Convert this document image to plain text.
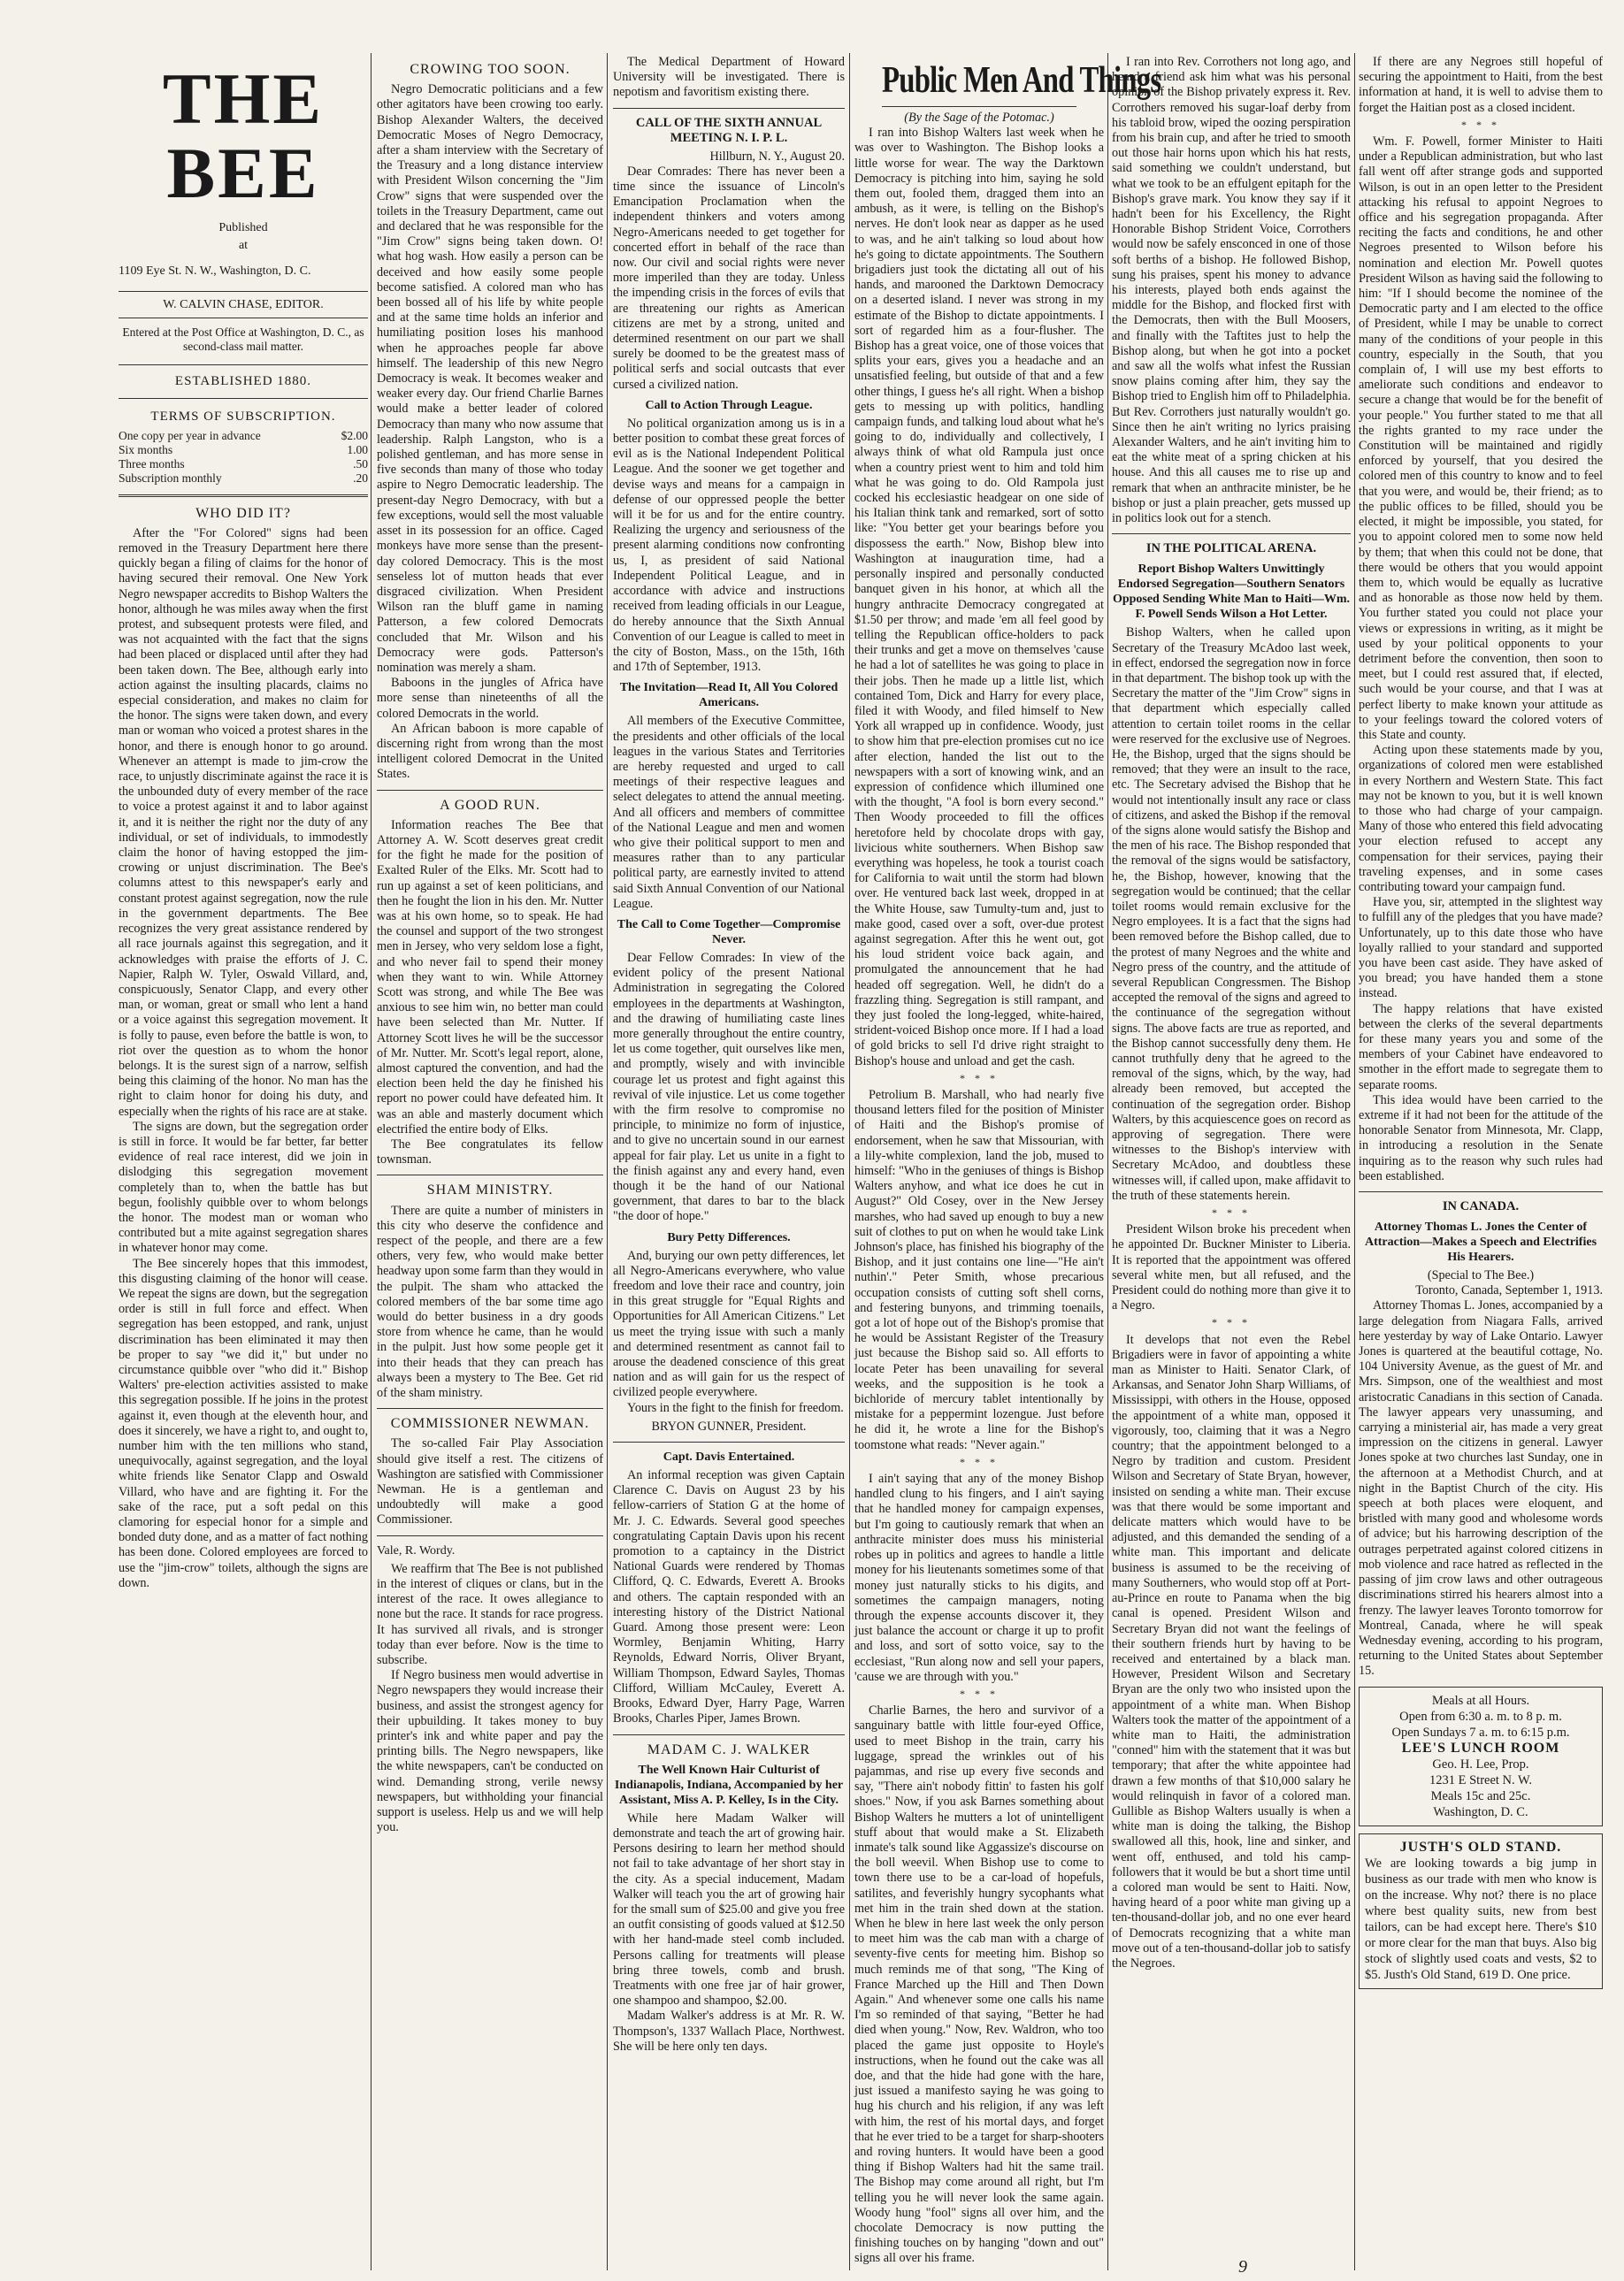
THE BEE
Published
at
1109 Eye St. N. W., Washington, D. C.
W. CALVIN CHASE, EDITOR.
Entered at the Post Office at Washington, D. C., as second-class mail matter.
ESTABLISHED 1880.
TERMS OF SUBSCRIPTION.
One copy per year in advance	$2.00
Six months	1.00
Three months	.50
Subscription monthly	.20
WHO DID IT?

After the "For Colored" signs had been removed in the Treasury Department here there quickly began a filing of claims for the honor of having secured their removal. One New York Negro newspaper accredits to Bishop Walters the honor, although he was miles away when the first protest, and subsequent protests were filed, and was not acquainted with the fact that the signs had been placed or displaced until after they had been taken down. The Bee, although early into action against the insulting placards, claims no especial consideration, and makes no claim for the honor. The signs were taken down, and every man or woman who voiced a protest shares in the honor, and there is enough honor to go around. Whenever an attempt is made to jim-crow the race, to unjustly discriminate against the race it is the unbounded duty of every member of the race to voice a protest against it and to labor against it, and it is neither the right nor the duty of any individual, or set of individuals, to immodestly claim the honor of having estopped the jim-crowing or unjust discrimination. The Bee's columns attest to this newspaper's early and constant protest against segregation, now the rule in the government departments. The Bee recognizes the very great assistance rendered by all race journals against this segregation, and it acknowledges with praise the efforts of J. C. Napier, Ralph W. Tyler, Oswald Villard, and, conspicuously, Senator Clapp, and every other man, or woman, great or small who lent a hand or a voice against this segregation movement. It is folly to pause, even before the battle is won, to riot over the question as to whom the honor belongs. It is the surest sign of a narrow, selfish being this claiming of the honor. No man has the right to claim honor for doing his duty, and especially when the rights of his race are at stake.

The signs are down, but the segregation order is still in force. It would be far better, far better evidence of real race interest, did we join in dislodging this segregation movement completely than to, when the battle has but begun, foolishly quibble over to whom belongs the honor. The modest man or woman who contributed but a mite against segregation shares in whatever honor may come.

The Bee sincerely hopes that this immodest, this disgusting claiming of the honor will cease. We repeat the signs are down, but the segregation order is still in full force and effect. When segregation has been estopped, and rank, unjust discrimination has been eliminated it may then be proper to say "we did it," but under no circumstance quibble over "who did it." Bishop Walters' pre-election activities assisted to make this segregation possible. If he joins in the protest against it, even though at the eleventh hour, and does it sincerely, we have a right to, and ought to, number him with the ten millions who stand, unequivocally, against segregation, and the loyal white friends like Senator Clapp and Oswald Villard, who have and are fighting it. For the sake of the race, put a soft pedal on this clamoring for especial honor for a simple and bonded duty done, and as a matter of fact nothing has been done. Colored employees are forced to use the "jim-crow" toilets, although the signs are down.

CROWING TOO SOON.

Negro Democratic politicians and a few other agitators have been crowing too early. Bishop Alexander Walters, the deceived Democratic Moses of Negro Democracy, after a sham interview with the Secretary of the Treasury and a long distance interview with President Wilson concerning the "Jim Crow" signs that were suspended over the toilets in the Treasury Department, came out and declared that he was responsible for the "Jim Crow" signs being taken down. O! what hog wash. How easily a person can be deceived and how easily some people become satisfied. A colored man who has been bossed all of his life by white people and at the same time holds an inferior and humiliating position loses his manhood when he approaches people far above himself. The leadership of this new Negro Democracy is weak. It becomes weaker and weaker every day. Our friend Charlie Barnes would make a better leader of colored Democracy than many who now assume that leadership. Ralph Langston, who is a polished gentleman, and has more sense in five seconds than many of those who today aspire to Negro Democratic leadership. The present-day Negro Democracy, with but a few exceptions, would sell the most valuable asset in its possession for an office. Caged monkeys have more sense than the present-day colored Democracy. This is the most senseless lot of mutton heads that ever disgraced civilization. When President Wilson ran the bluff game in naming Patterson, a few colored Democrats concluded that Mr. Wilson and his Democracy were gods. Patterson's nomination was merely a sham.

Baboons in the jungles of Africa have more sense than nineteenths of all the colored Democrats in the world.

An African baboon is more capable of discerning right from wrong than the most intelligent colored Democrat in the United States.

A GOOD RUN.

Information reaches The Bee that Attorney A. W. Scott deserves great credit for the fight he made for the position of Exalted Ruler of the Elks. Mr. Scott had to run up against a set of keen politicians, and then he fought the lion in his den. Mr. Nutter was at his own home, so to speak. He had the counsel and support of the two strongest men in Jersey, who very seldom lose a fight, and who never fail to spend their money when they want to win. While Attorney Scott was strong, and while The Bee was anxious to see him win, no better man could have been selected than Mr. Nutter. If Attorney Scott lives he will be the successor of Mr. Nutter. Mr. Scott's legal report, alone, almost captured the convention, and had the election been held the day he finished his report no power could have defeated him. It was an able and masterly document which electrified the entire body of Elks.

The Bee congratulates its fellow townsman.

SHAM MINISTRY.

There are quite a number of ministers in this city who deserve the confidence and respect of the people, and there are a few others, very few, who would make better headway upon some farm than they would in the pulpit. The sham who attacked the colored members of the bar some time ago would do better business in a dry goods store from whence he came, than he would in the pulpit. Just how some people get it into their heads that they can preach has always been a mystery to The Bee. Get rid of the sham ministry.

COMMISSIONER NEWMAN.

The so-called Fair Play Association should give itself a rest. The citizens of Washington are satisfied with Commissioner Newman. He is a gentleman and undoubtedly will make a good Commissioner.

Vale, R. Wordy.

We reaffirm that The Bee is not published in the interest of cliques or clans, but in the interest of the race. It owes allegiance to none but the race. It stands for race progress. It has survived all rivals, and is stronger today than ever before. Now is the time to subscribe.

If Negro business men would advertise in Negro newspapers they would increase their business, and assist the strongest agency for their upbuilding. It takes money to buy printer's ink and white paper and pay the printing bills. The Negro newspapers, like the white newspapers, can't be conducted on wind. Demanding strong, verile newsy newspapers, but withholding your financial support is useless. Help us and we will help you.

The Medical Department of Howard University will be investigated. There is nepotism and favoritism existing there.

CALL OF THE SIXTH ANNUAL MEETING N. I. P. L.

Hillburn, N. Y., August 20.

Dear Comrades: There has never been a time since the issuance of Lincoln's Emancipation Proclamation when the independent thinkers and voters among Negro-Americans needed to get together for concerted effort in behalf of the race than now. Our civil and social rights were never more imperiled than they are today. Unless the impending crisis in the forces of evils that are threatening our rights as American citizens are met by a strong, united and determined resentment on our part we shall surely be doomed to be the greatest mass of political serfs and social outcasts that ever cursed a civilized nation.

Call to Action Through League.

No political organization among us is in a better position to combat these great forces of evil as is the National Independent Political League. And the sooner we get together and devise ways and means for a campaign in defense of our oppressed people the better will it be for us and for the entire country. Realizing the urgency and seriousness of the present alarming conditions now confronting us, I, as president of said National Independent Political League, and in accordance with advice and instructions received from leading officials in our League, do hereby announce that the Sixth Annual Convention of our League is called to meet in the city of Boston, Mass., on the 15th, 16th and 17th of September, 1913.

The Invitation—Read It, All You Colored Americans.

All members of the Executive Committee, the presidents and other officials of the local leagues in the various States and Territories are hereby requested and urged to call meetings of their respective leagues and select delegates to attend the annual meeting. And all officers and members of committee of the National League and men and women who give their political support to men and measures rather than to any particular political party, are earnestly invited to attend said Sixth Annual Convention of our National League.

The Call to Come Together—Compromise Never.

Dear Fellow Comrades: In view of the evident policy of the present National Administration in segregating the Colored employees in the departments at Washington, and the drawing of humiliating caste lines more generally throughout the entire country, let us come together, quit ourselves like men, and promptly, wisely and with invincible courage let us protest and fight against this revival of vile injustice. Let us come together with the firm resolve to compromise no principle, to minimize no form of injustice, and to give no uncertain sound in our earnest appeal for fair play. Let us unite in a fight to the finish against any and every hand, even though it be the hand of our National government, that dares to bar to the black "the door of hope."

Bury Petty Differences.

And, burying our own petty differences, let all Negro-Americans everywhere, who value freedom and love their race and country, join in this great struggle for "Equal Rights and Opportunities for All American Citizens." Let us meet the trying issue with such a manly and determined resentment as cannot fail to arouse the deadened conscience of this great nation and as will gain for us the respect of civilized people everywhere.

Yours in the fight to the finish for freedom.

BRYON GUNNER, President.
Capt. Davis Entertained.

An informal reception was given Captain Clarence C. Davis on August 23 by his fellow-carriers of Station G at the home of Mr. J. C. Edwards. Several good speeches congratulating Captain Davis upon his recent promotion to a captaincy in the District National Guards were rendered by Thomas Clifford, Q. C. Edwards, Everett A. Brooks and others. The captain responded with an interesting history of the District National Guard. Among those present were: Leon Wormley, Benjamin Whiting, Harry Reynolds, Edward Norris, Oliver Bryant, William Thompson, Edward Sayles, Thomas Clifford, William McCauley, Everett A. Brooks, Edward Dyer, Harry Page, Warren Brooks, Charles Piper, James Brown.

MADAM C. J. WALKER
The Well Known Hair Culturist of Indianapolis, Indiana, Accompanied by her Assistant, Miss A. P. Kelley, Is in the City.

While here Madam Walker will demonstrate and teach the art of growing hair. Persons desiring to learn her method should not fail to take advantage of her short stay in the city. As a special inducement, Madam Walker will teach you the art of growing hair for the small sum of $25.00 and give you free an outfit consisting of goods valued at $12.50 with her hand-made steel comb included. Persons calling for treatments will please bring three towels, comb and brush. Treatments with one free jar of hair grower, one shampoo and shampoo, $2.00.

Madam Walker's address is at Mr. R. W. Thompson's, 1337 Wallach Place, Northwest. She will be here only ten days.

Public Men And Things
(By the Sage of the Potomac.)

I ran into Bishop Walters last week when he was over to Washington. The Bishop looks a little worse for wear. The way the Darktown Democracy is pitching into him, saying he sold them out, fooled them, dragged them into an ambush, as it were, is telling on the Bishop's nerves. He don't look near as dapper as he used to was, and he ain't talking so loud about how he's going to dictate appointments. The Southern brigadiers just took the dictating all out of his hands, and marooned the Darktown Democracy on a deserted island. I never was strong in my estimate of the Bishop to dictate appointments. I sort of regarded him as a four-flusher. The Bishop has a great voice, one of those voices that splits your ears, gives you a headache and an unsatisfied feeling, but outside of that and a few other things, I guess he's all right. When a bishop gets to messing up with politics, handling campaign funds, and talking loud about what he's going to do, individually and collectively, I always think of what old Rampula just once when a country priest went to him and told him what he was going to do. Old Rampola just cocked his ecclesiastic headgear on one side of his Italian think tank and remarked, sort of sotto like: "You better get your bearings before you dispossess the earth." Now, Bishop blew into Washington at inauguration time, had a personally inspired and personally conducted banquet given in his honor, at which all the hungry anthracite Democracy congregated at $1.50 per throw; and made 'em all feel good by telling the Republican office-holders to pack their trunks and get a move on themselves 'cause he had a lot of satellites he was going to place in their jobs. Then he made up a little list, which contained Tom, Dick and Harry for every place, filed it with Woody, and filed himself to New York all wrapped up in confidence. Woody, just to show him that pre-election promises cut no ice after election, handed the list out to the newspapers with a sort of knowing wink, and an expression of confidence which illumined one with the thought, "A fool is born every second." Then Woody proceeded to fill the offices heretofore held by chocolate drops with gay, livicious white southerners. When Bishop saw everything was hopeless, he took a tourist coach for California to wait until the storm had blown over. He ventured back last week, dropped in at the White House, saw Tumulty-tum and, just to make good, cased over a soft, over-due protest against segregation. After this he went out, got his loud strident voice back again, and promulgated the announcement that he had headed off segregation. Well, he didn't do a frazzling thing. Segregation is still rampant, and they just fooled the long-legged, white-haired, strident-voiced Bishop once more. If I had a load of gold bricks to sell I'd drive right straight to Bishop's house and unload and get the cash.

* * *

Petrolium B. Marshall, who had nearly five thousand letters filed for the position of Minister of Haiti and the Bishop's promise of endorsement, when he saw that Missourian, with a lily-white complexion, land the job, mused to himself: "Who in the geniuses of things is Bishop Walters anyhow, and what ice does he cut in August?" Old Cosey, over in the New Jersey marshes, who had saved up enough to buy a new suit of clothes to put on when he would take Link Johnson's place, has finished his biography of the Bishop, and it just contains one line—"He ain't nuthin'." Peter Smith, whose precarious occupation consists of cutting soft shell corns, and festering bunyons, and trimming toenails, got a lot of hope out of the Bishop's promise that he would be Assistant Register of the Treasury just because the Bishop said so. All efforts to locate Peter has been unavailing for several weeks, and the supposition is he took a bichloride of mercury tablet intentionally by mistake for a peppermint lozengue. Just before he did it, he wrote a line for the Bishop's toomstone what reads: "Never again."

* * *

I ain't saying that any of the money Bishop handled clung to his fingers, and I ain't saying that he handled money for campaign expenses, but I'm going to cautiously remark that when an anthracite minister does muss his ministerial robes up in politics and agrees to handle a little money for his lieutenants sometimes some of that money just naturally sticks to his digits, and sometimes the campaign managers, noting through the expense accounts discover it, they just balance the account or charge it up to profit and loss, and sort of sotto voice, say to the ecclesiast, "Run along now and sell your papers, 'cause we are through with you."

* * *

Charlie Barnes, the hero and survivor of a sanguinary battle with little four-eyed Office, used to meet Bishop in the train, carry his luggage, spread the wrinkles out of his pajammas, and rise up every five seconds and say, "There ain't nobody fittin' to fasten his golf shoes." Now, if you ask Barnes something about Bishop Walters he mutters a lot of unintelligent stuff about that would make a St. Elizabeth inmate's talk sound like Aggassize's discourse on the boll weevil. When Bishop use to come to town there use to be a car-load of hopefuls, satilites, and feverishly hungry sycophants what met him in the train shed down at the station. When he blew in here last week the only person to meet him was the cab man with a charge of seventy-five cents for meeting him. Bishop so much reminds me of that song, "The King of France Marched up the Hill and Then Down Again." And whenever some one calls his name I'm so reminded of that saying, "Better he had died when young." Now, Rev. Waldron, who too placed the game just opposite to Hoyle's instructions, when he found out the cake was all doe, and that the hide had gone with the hare, just issued a manifesto saying he was going to hug his church and his religion, if any was left with him, the rest of his mortal days, and forget that he ever tried to be a target for sharp-shooters and roving hunters. It would have been a good thing if Bishop Walters had hit the same trail. The Bishop may come around all right, but I'm telling you he will never look the same again. Woody hung "fool" signs all over him, and the chocolate Democracy is now putting the finishing touches on by hanging "down and out" signs all over his frame.

I ran into Rev. Corrothers not long ago, and heard a friend ask him what was his personal opinion of the Bishop privately express it. Rev. Corrothers removed his sugar-loaf derby from his tabloid brow, wiped the oozing perspiration from his brain cup, and after he tried to smooth out those hair horns upon which his hat rests, said something we couldn't understand, but what we took to be an effulgent epitaph for the Bishop's grave mark. You know they say if it hadn't been for his Excellency, the Right Honorable Bishop Strident Voice, Corrothers would now be safely ensconced in one of those soft berths of a bishop. He followed Bishop, sung his praises, spent his money to advance his interests, played both ends against the middle for the Bishop, and flocked first with the Democrats, then with the Bull Moosers, and finally with the Taftites just to help the Bishop along, but when he got into a pocket and saw all the wolfs what infest the Russian snow plains coming after him, they say the Bishop tried to English him off to Philadelphia. But Rev. Corrothers just naturally wouldn't go. Since then he ain't writing no lyrics praising Alexander Walters, and he ain't inviting him to eat the white meat of a spring chicken at his house. And this all causes me to rise up and remark that when an anthracite minister, be he bishop or just a plain preacher, gets mussed up in politics look out for a stench.

IN THE POLITICAL ARENA.
Report Bishop Walters Unwittingly Endorsed Segregation—Southern Senators Opposed Sending White Man to Haiti—Wm. F. Powell Sends Wilson a Hot Letter.

Bishop Walters, when he called upon Secretary of the Treasury McAdoo last week, in effect, endorsed the segregation now in force in that department. The bishop took up with the Secretary the matter of the "Jim Crow" signs in that department which especially called attention to certain toilet rooms in the cellar were reserved for the exclusive use of Negroes. He, the Bishop, urged that the signs should be removed; that they were an insult to the race, etc. The Secretary advised the Bishop that he would not intentionally insult any race or class of citizens, and asked the Bishop if the removal of the signs alone would satisfy the Bishop and the men of his race. The Bishop responded that the removal of the signs would be satisfactory, he, the Bishop, however, knowing that the segregation would be continued; that the cellar toilet rooms would remain exclusive for the Negro employees. It is a fact that the signs had been removed before the Bishop called, due to the protest of many Negroes and the white and Negro press of the country, and the attitude of several Republican Congressmen. The Bishop accepted the removal of the signs and agreed to the continuance of the segregation without signs. The above facts are true as reported, and the Bishop cannot successfully deny them. He cannot truthfully deny that he agreed to the removal of the signs, which, by the way, had already been removed, but accepted the continuation of the segregation order. Bishop Walters, by this acquiescence goes on record as approving of segregation. There were witnesses to the Bishop's interview with Secretary McAdoo, and doubtless these witnesses will, if called upon, make affidavit to the truth of these statements herein.

* * *

President Wilson broke his precedent when he appointed Dr. Buckner Minister to Liberia. It is reported that the appointment was offered several white men, but all refused, and the President could do nothing more than give it to a Negro.

* * *

It develops that not even the Rebel Brigadiers were in favor of appointing a white man as Minister to Haiti. Senator Clark, of Arkansas, and Senator John Sharp Williams, of Mississippi, with others in the House, opposed the appointment of a white man, opposed it vigorously, too, claiming that it was a Negro country; that the appointment belonged to a Negro by tradition and custom. President Wilson and Secretary of State Bryan, however, insisted on sending a white man. Their excuse was that there would be some important and delicate matters which would have to be adjusted, and this demanded the sending of a white man. This important and delicate business is assumed to be the receiving of many Southerners, who would stop off at Port-au-Prince en route to Panama when the big canal is opened. President Wilson and Secretary Bryan did not want the feelings of their southern friends hurt by having to be received and entertained by a black man. However, President Wilson and Secretary Bryan are the only two who insisted upon the appointment of a white man. When Bishop Walters took the matter of the appointment of a white man to Haiti, the administration "conned" him with the statement that it was but temporary; that after the white appointee had drawn a few months of that $10,000 salary he would relinquish in favor of a colored man. Gullible as Bishop Walters usually is when a white man is doing the talking, the Bishop swallowed all this, hook, line and sinker, and went off, enthused, and told his camp-followers that it would be but a short time until a colored man would be sent to Haiti. Now, having heard of a poor white man giving up a ten-thousand-dollar job, and no one ever heard of Democrats recognizing that a white man move out of a ten-thousand-dollar job to satisfy the Negroes.

If there are any Negroes still hopeful of securing the appointment to Haiti, from the best information at hand, it is well to advise them to forget the Haitian post as a closed incident.

* * *

Wm. F. Powell, former Minister to Haiti under a Republican administration, but who last fall went off after strange gods and supported Wilson, is out in an open letter to the President attacking his refusal to appoint Negroes to office and his segregation propaganda. After reciting the facts and conditions, he and other Negroes presented to Wilson before his nomination and election Mr. Powell quotes President Wilson as having said the following to him: "If I should become the nominee of the Democratic party and I am elected to the office of President, while I may be unable to correct many of the conditions of your people in this country, especially in the South, that you complain of, I will use my best efforts to ameliorate such conditions and endeavor to secure a change that would be for the benefit of your people." You further stated to me that all the rights granted to my race under the Constitution will be maintained and rigidly enforced by yourself, that you desired the colored men of this country to know and to feel that you were, and would be, their friend; as to the public offices to be filled, should you be elected, it might be impossible, you stated, for you to appoint colored men to some now held by them; that when this could not be done, that there would be others that you would appoint them to, which would be equally as lucrative and as honorable as those now held by them. You further stated you could not place your views or expressions in writing, as it might be used by your political opponents to your detriment before the convention, then soon to meet, but I could rest assured that, if elected, such would be your course, and that I was at perfect liberty to make known your attitude as to your feelings toward the colored voters of this State and county.

Acting upon these statements made by you, organizations of colored men were established in every Northern and Western State. This fact may not be known to you, but it is well known to those who had charge of your campaign. Many of those who entered this field advocating your election refused to accept any compensation for their services, paying their traveling expenses, and in some cases contributing toward your campaign fund.

Have you, sir, attempted in the slightest way to fulfill any of the pledges that you have made? Unfortunately, up to this date those who have loyally rallied to your standard and supported you have been cast aside. They have asked of you bread; you have handed them a stone instead.

The happy relations that have existed between the clerks of the several departments for these many years you and some of the members of your Cabinet have endeavored to smother in the effort made to segregate them to separate rooms.

This idea would have been carried to the extreme if it had not been for the attitude of the honorable Senator from Minnesota, Mr. Clapp, in introducing a resolution in the Senate inquiring as to the reason why such rules had been established.

IN CANADA.
Attorney Thomas L. Jones the Center of Attraction—Makes a Speech and Electrifies His Hearers.
(Special to The Bee.)

Toronto, Canada, September 1, 1913.

Attorney Thomas L. Jones, accompanied by a large delegation from Niagara Falls, arrived here yesterday by way of Lake Ontario. Lawyer Jones is quartered at the beautiful cottage, No. 104 University Avenue, as the guest of Mr. and Mrs. Simpson, one of the wealthiest and most aristocratic Canadians in this section of Canada. The lawyer appears very unassuming, and carrying a ministerial air, has made a very great impression on the citizens in general. Lawyer Jones spoke at two churches last Sunday, one in the afternoon at a Methodist Church, and at night in the Baptist Church of the city. His speech at both places were eloquent, and bristled with many good and wholesome words of advice; but his harrowing description of the outrages perpetrated against colored citizens in mob violence and race hatred as reflected in the passing of jim crow laws and other outrageous discriminations stirred his hearers almost into a frenzy. The lawyer leaves Toronto tomorrow for Montreal, Canada, where he will speak Wednesday evening, according to his program, returning to the United States about September 15.

Meals at all Hours.
Open from 6:30 a. m. to 8 p. m.
Open Sundays 7 a. m. to 6:15 p.m.
LEE'S LUNCH ROOM
Geo. H. Lee, Prop.
1231 E Street N. W.
Meals 15c and 25c.
Washington, D. C.
JUSTH'S OLD STAND.
We are looking towards a big jump in business as our trade with men who know is on the increase. Why not? there is no place where best quality suits, new from best tailors, can be had except here. There's $10 or more clear for the man that buys. Also big stock of slightly used coats and vests, $2 to $5. Justh's Old Stand, 619 D. One price.
9
